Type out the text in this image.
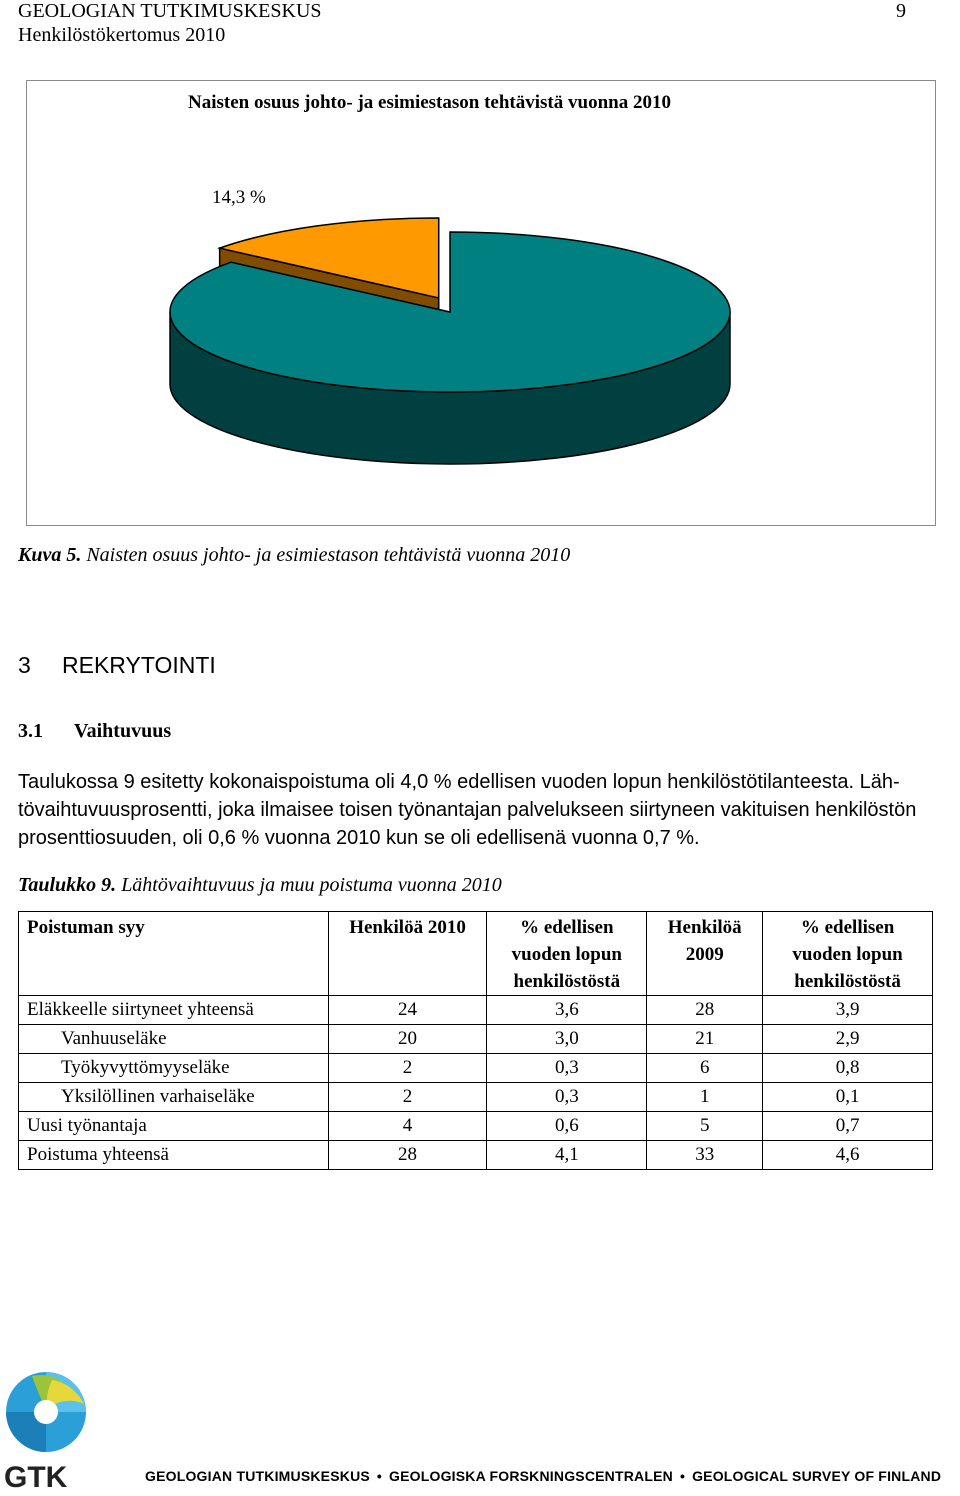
GEOLOGIAN TUTKIMUSKESKUS
Henkilöstökertomus 2010
9
Naisten osuus johto- ja esimiestason tehtävistä vuonna 2010
14,3 %
Kuva 5. Naisten osuus johto- ja esimiestason tehtävistä vuonna 2010
3 REKRYTOINTI
3.1 Vaihtuvuus
Taulukossa 9 esitetty kokonaispoistuma oli 4,0 % edellisen vuoden lopun henkilöstötilanteesta. Läh-
tövaihtuvuusprosentti, joka ilmaisee toisen työnantajan palvelukseen siirtyneen vakituisen henkilöstön
prosenttiosuuden, oli 0,6 % vuonna 2010 kun se oli edellisenä vuonna 0,7 %.
Taulukko 9. Lähtövaihtuvuus ja muu poistuma vuonna 2010
Poistuman syy	Henkilöä 2010	% edellisen vuoden lopun henkilöstöstä	Henkilöä 2009	% edellisen vuoden lopun henkilöstöstä
Eläkkeelle siirtyneet yhteensä	24	3,6	28	3,9
Vanhuuseläke	20	3,0	21	2,9
Työkyvyttömyyseläke	2	0,3	6	0,8
Yksilöllinen varhaiseläke	2	0,3	1	0,1
Uusi työnantaja	4	0,6	5	0,7
Poistuma yhteensä	28	4,1	33	4,6
GTK	GEOLOGIAN TUTKIMUSKESKUS • GEOLOGISKA FORSKNINGSCENTRALEN • GEOLOGICAL SURVEY OF FINLAND
